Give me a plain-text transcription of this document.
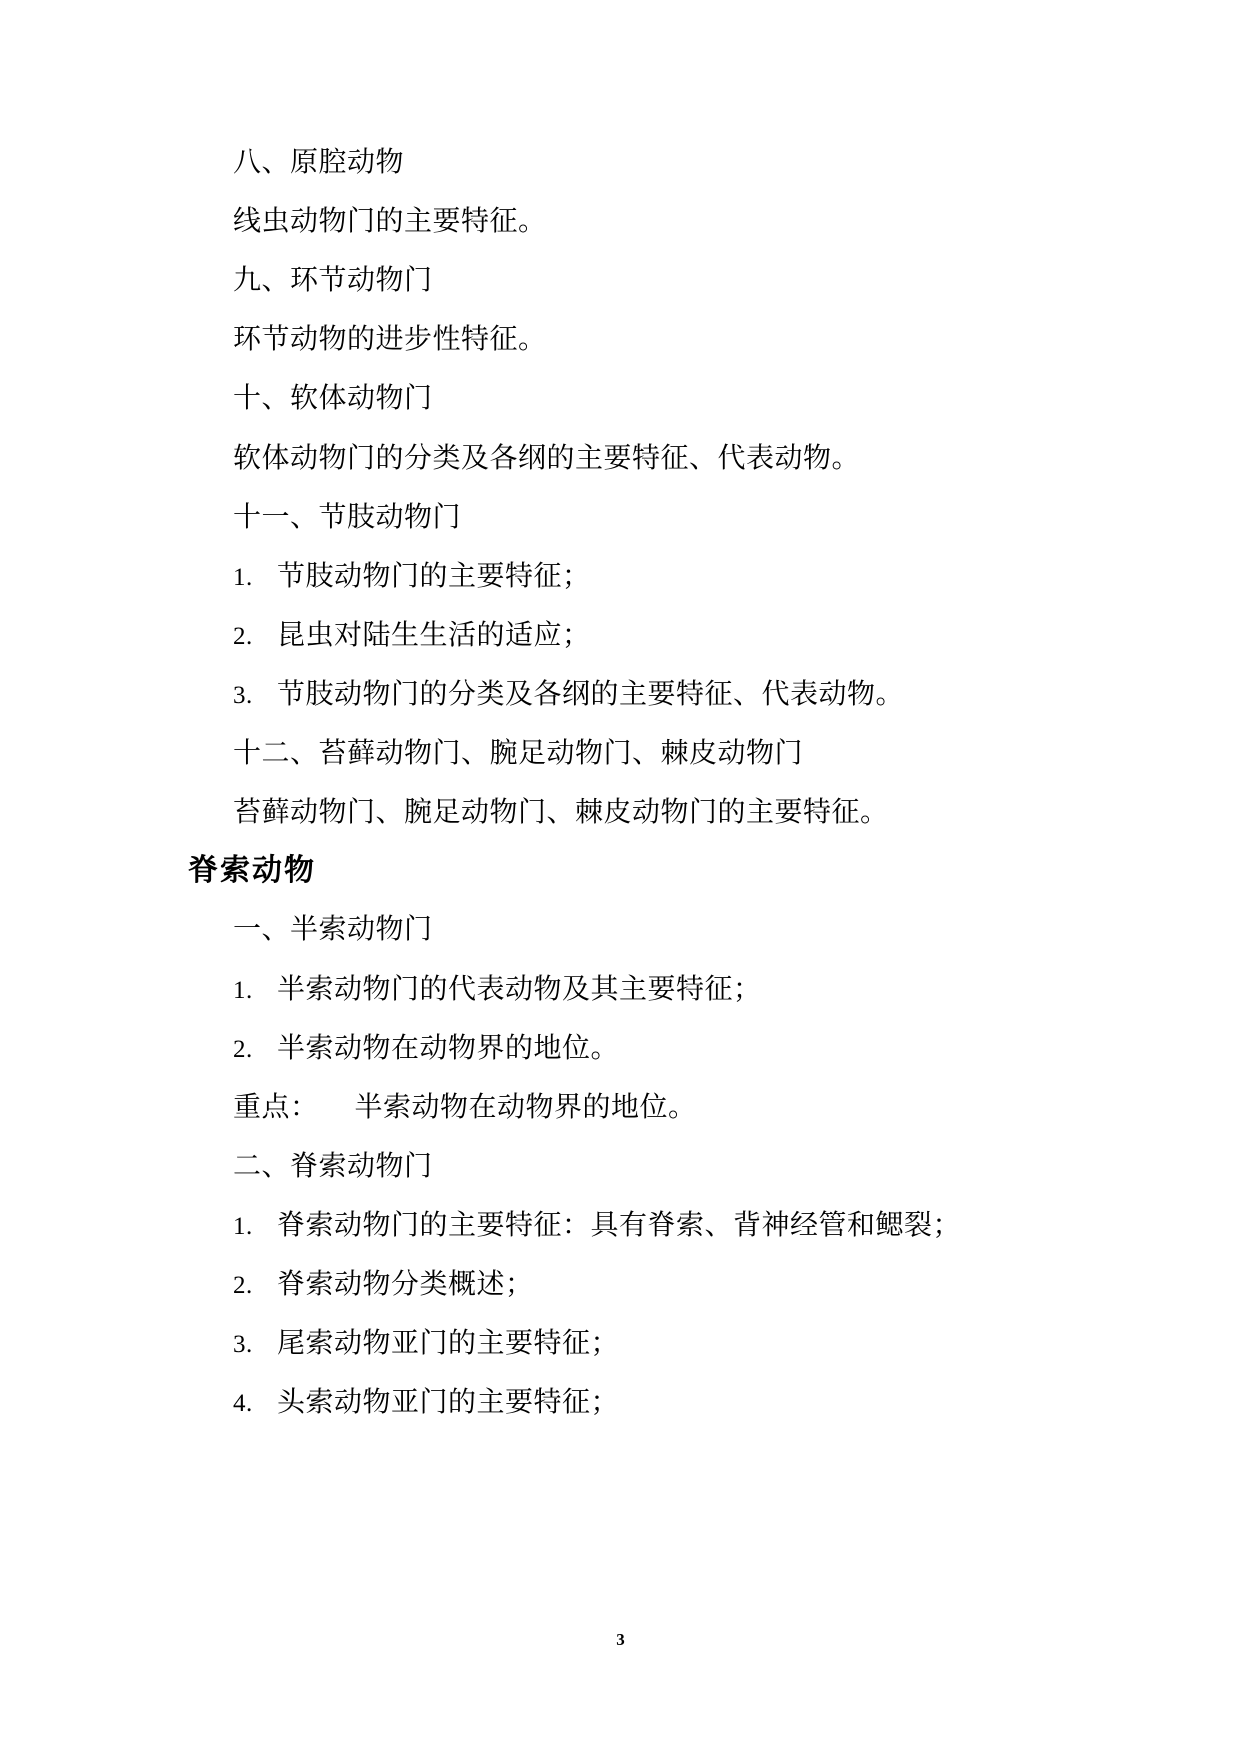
八、原腔动物
线虫动物门的主要特征。
九、环节动物门
环节动物的进步性特征。
十、软体动物门
软体动物门的分类及各纲的主要特征、代表动物。
十一、节肢动物门
1. 节肢动物门的主要特征；
2. 昆虫对陆生生活的适应；
3. 节肢动物门的分类及各纲的主要特征、代表动物。
十二、苔藓动物门、腕足动物门、棘皮动物门
苔藓动物门、腕足动物门、棘皮动物门的主要特征。
脊索动物
一、半索动物门
1. 半索动物门的代表动物及其主要特征；
2. 半索动物在动物界的地位。
重点： 半索动物在动物界的地位。
二、脊索动物门
1. 脊索动物门的主要特征：具有脊索、背神经管和鳃裂；
2. 脊索动物分类概述；
3. 尾索动物亚门的主要特征；
4. 头索动物亚门的主要特征；
3
